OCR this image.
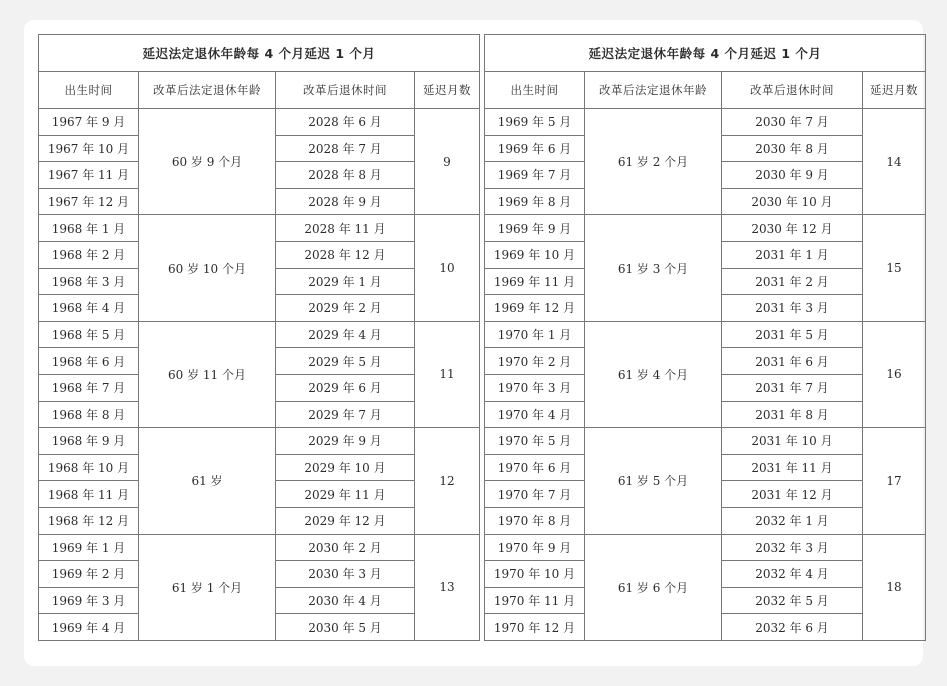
延迟法定退休年龄每 4 个月延迟 1 个月			
出生时间	改革后法定退休年龄	改革后退休时间	延迟月数
1967 年 9 月	60 岁 9 个月	2028 年 6 月	9
1967 年 10 月		2028 年 7 月	
1967 年 11 月		2028 年 8 月	
1967 年 12 月		2028 年 9 月	
1968 年 1 月	60 岁 10 个月	2028 年 11 月	10
1968 年 2 月		2028 年 12 月	
1968 年 3 月		2029 年 1 月	
1968 年 4 月		2029 年 2 月	
1968 年 5 月	60 岁 11 个月	2029 年 4 月	11
1968 年 6 月		2029 年 5 月	
1968 年 7 月		2029 年 6 月	
1968 年 8 月		2029 年 7 月	
1968 年 9 月	61 岁	2029 年 9 月	12
1968 年 10 月		2029 年 10 月	
1968 年 11 月		2029 年 11 月	
1968 年 12 月		2029 年 12 月	
1969 年 1 月	61 岁 1 个月	2030 年 2 月	13
1969 年 2 月		2030 年 3 月	
1969 年 3 月		2030 年 4 月	
1969 年 4 月		2030 年 5 月	
延迟法定退休年龄每 4 个月延迟 1 个月			
出生时间	改革后法定退休年龄	改革后退休时间	延迟月数
1969 年 5 月	61 岁 2 个月	2030 年 7 月	14
1969 年 6 月		2030 年 8 月	
1969 年 7 月		2030 年 9 月	
1969 年 8 月		2030 年 10 月	
1969 年 9 月	61 岁 3 个月	2030 年 12 月	15
1969 年 10 月		2031 年 1 月	
1969 年 11 月		2031 年 2 月	
1969 年 12 月		2031 年 3 月	
1970 年 1 月	61 岁 4 个月	2031 年 5 月	16
1970 年 2 月		2031 年 6 月	
1970 年 3 月		2031 年 7 月	
1970 年 4 月		2031 年 8 月	
1970 年 5 月	61 岁 5 个月	2031 年 10 月	17
1970 年 6 月		2031 年 11 月	
1970 年 7 月		2031 年 12 月	
1970 年 8 月		2032 年 1 月	
1970 年 9 月	61 岁 6 个月	2032 年 3 月	18
1970 年 10 月		2032 年 4 月	
1970 年 11 月		2032 年 5 月	
1970 年 12 月		2032 年 6 月	
